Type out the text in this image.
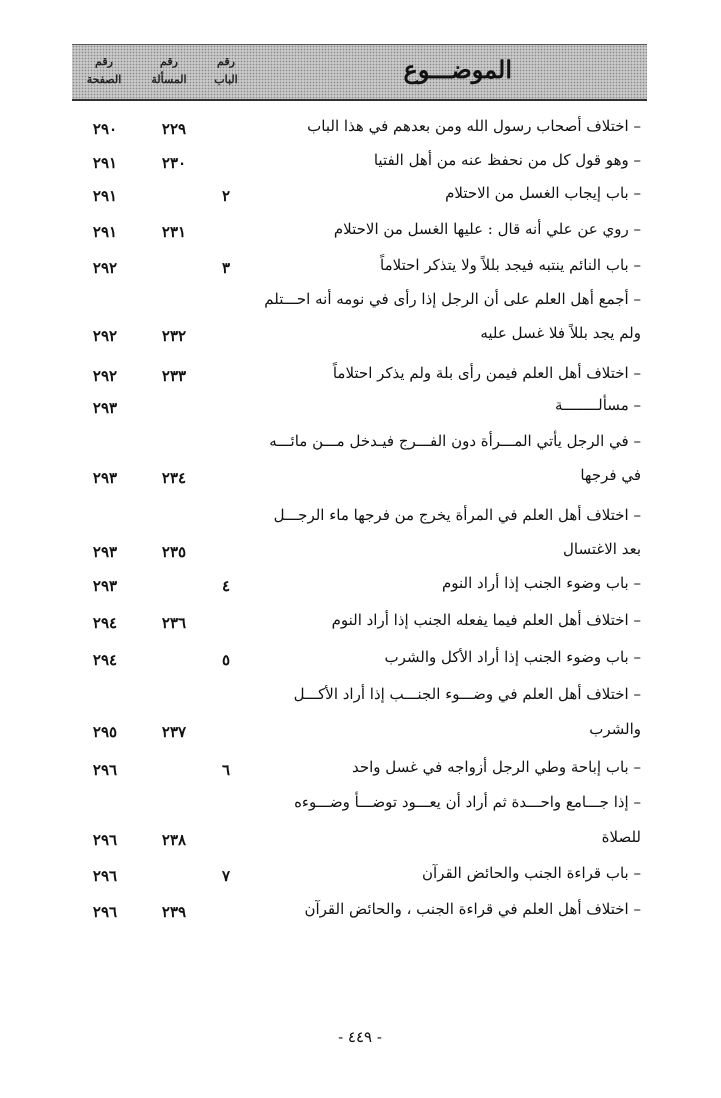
رقم
الصفحة
رقم
المسألة
رقم
الباب	الموضـــوع
– اختلاف أصحاب رسول الله ومن بعدهم في هذا الباب
٢٢٩
٢٩٠
– وهو قول كل من نحفظ عنه من أهل الفتيا
٢٣٠
٢٩١
– باب إيجاب الغسل من الاحتلام
٢
٢٩١
– روي عن علي أنه قال : عليها الغسل من الاحتلام
٢٣١
٢٩١
– باب النائم ينتبه فيجد بللاً ولا يتذكر احتلاماً
٣
٢٩٢
– أجمع أهل العلم على أن الرجل إذا رأى في نومه أنه احـــتلم
ولم يجد بللاً فلا غسل عليه
٢٣٢
٢٩٢
– اختلاف أهل العلم فيمن رأى بلة ولم يذكر احتلاماً
٢٣٣
٢٩٢
– مسألــــــــة
٢٩٣
– في الرجل يأتي المـــرأة دون الفـــرج فيـدخل مـــن مائـــه
في فرجها
٢٣٤
٢٩٣
– اختلاف أهل العلم في المرأة يخرج من فرجها ماء الرجـــل
بعد الاغتسال
٢٣٥
٢٩٣
– باب وضوء الجنب إذا أراد النوم
٤
٢٩٣
– اختلاف أهل العلم فيما يفعله الجنب إذا أراد النوم
٢٣٦
٢٩٤
– باب وضوء الجنب إذا أراد الأكل والشرب
٥
٢٩٤
– اختلاف أهل العلم في وضـــوء الجنـــب إذا أراد الأكـــل
والشرب
٢٣٧
٢٩٥
– باب إباحة وطي الرجل أزواجه في غسل واحد
٦
٢٩٦
– إذا جـــامع واحـــدة ثم أراد أن يعـــود توضـــأ وضـــوءه
للصلاة
٢٣٨
٢٩٦
– باب قراءة الجنب والحائض القرآن
٧
٢٩٦
– اختلاف أهل العلم في قراءة الجنب ، والحائض القرآن
٢٣٩
٢٩٦
- ٤٤٩ -
